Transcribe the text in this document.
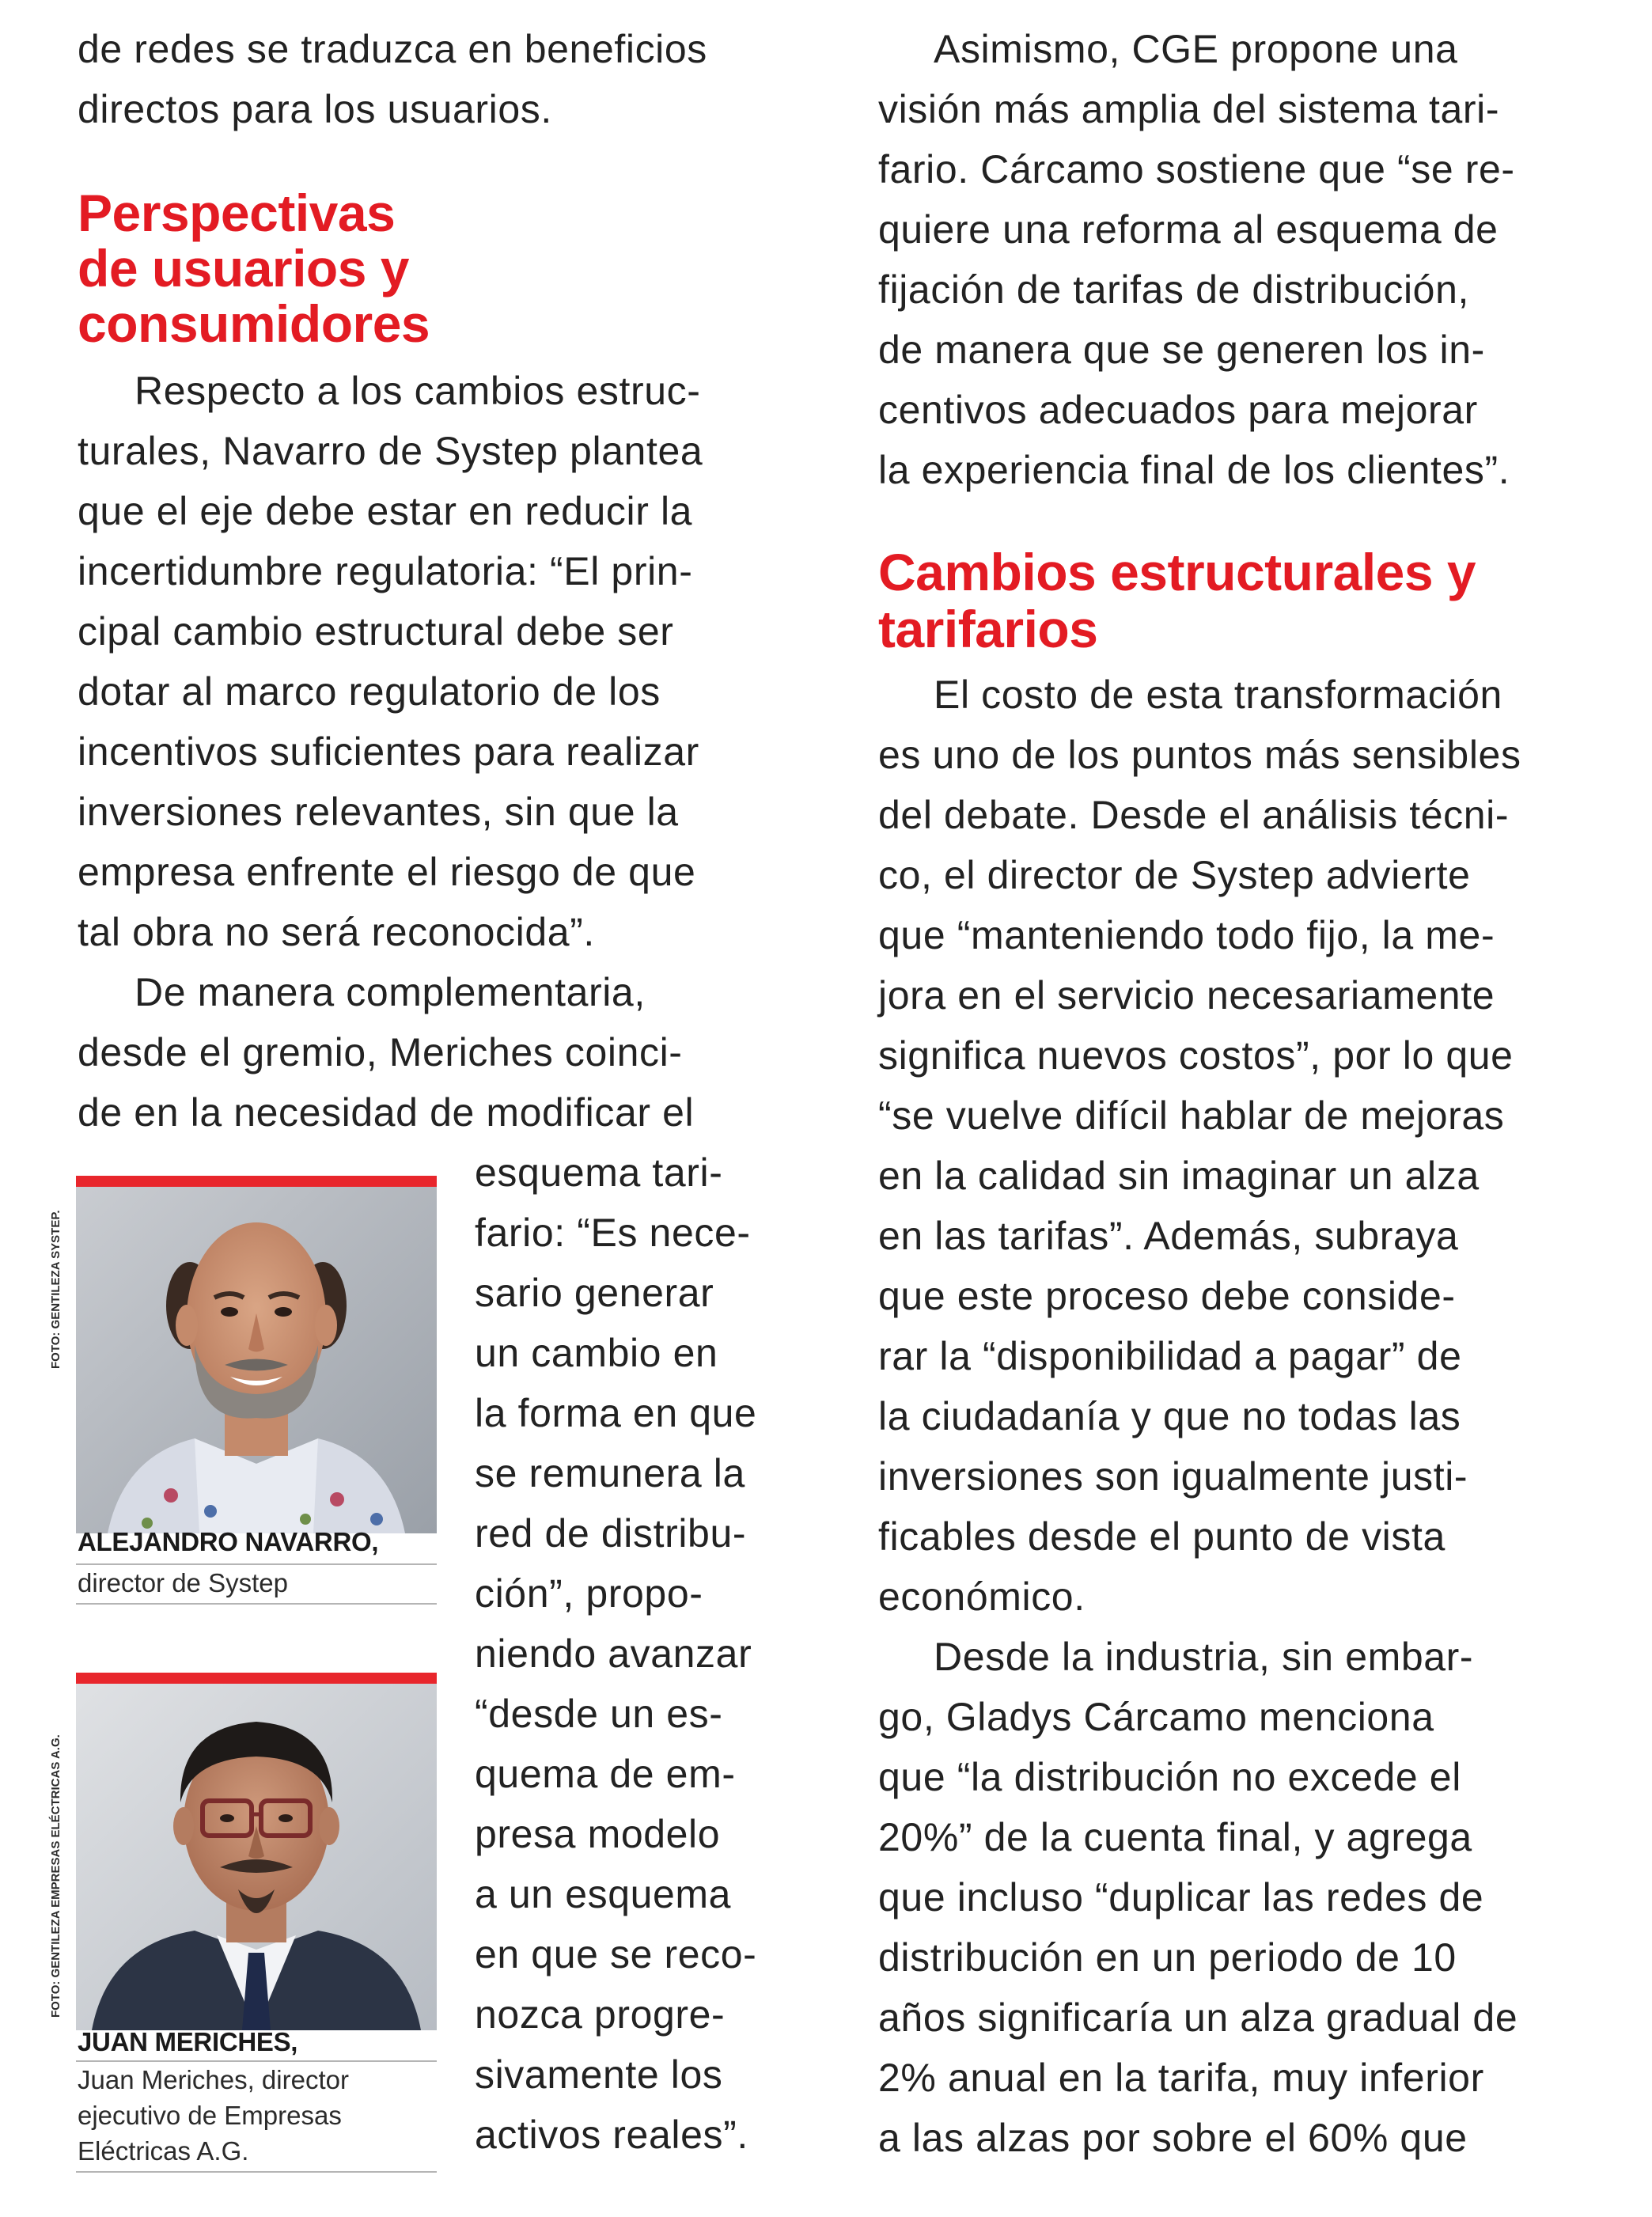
de redes se traduzca en beneficios
directos para los usuarios.
Perspectivas
de usuarios y
consumidores
Respecto a los cambios estruc-
turales, Navarro de Systep plantea
que el eje debe estar en reducir la
incertidumbre regulatoria: “El prin-
cipal cambio estructural debe ser
dotar al marco regulatorio de los
incentivos suficientes para realizar
inversiones relevantes, sin que la
empresa enfrente el riesgo de que
tal obra no será reconocida”.
De manera complementaria,
desde el gremio, Meriches coinci-
de en la necesidad de modificar el
esquema tari-
fario: “Es nece-
sario generar
un cambio en
la forma en que
se remunera la
red de distribu-
ción”, propo-
niendo avanzar
“desde un es-
quema de em-
presa modelo
a un esquema
en que se reco-
nozca progre-
sivamente los
activos reales”.
FOTO: GENTILEZA SYSTEP.
ALEJANDRO NAVARRO,
director de Systep
FOTO: GENTILEZA EMPRESAS ELÉCTRICAS A.G.
JUAN MERICHES,
Juan Meriches, director
ejecutivo de Empresas
Eléctricas A.G.
Asimismo, CGE propone una
visión más amplia del sistema tari-
fario. Cárcamo sostiene que “se re-
quiere una reforma al esquema de
fijación de tarifas de distribución,
de manera que se generen los in-
centivos adecuados para mejorar
la experiencia final de los clientes”.
Cambios estructurales y
tarifarios
El costo de esta transformación
es uno de los puntos más sensibles
del debate. Desde el análisis técni-
co, el director de Systep advierte
que “manteniendo todo fijo, la me-
jora en el servicio necesariamente
significa nuevos costos”, por lo que
“se vuelve difícil hablar de mejoras
en la calidad sin imaginar un alza
en las tarifas”. Además, subraya
que este proceso debe conside-
rar la “disponibilidad a pagar” de
la ciudadanía y que no todas las
inversiones son igualmente justi-
ficables desde el punto de vista
económico.
Desde la industria, sin embar-
go, Gladys Cárcamo menciona
que “la distribución no excede el
20%” de la cuenta final, y agrega
que incluso “duplicar las redes de
distribución en un periodo de 10
años significaría un alza gradual de
2% anual en la tarifa, muy inferior
a las alzas por sobre el 60% que
